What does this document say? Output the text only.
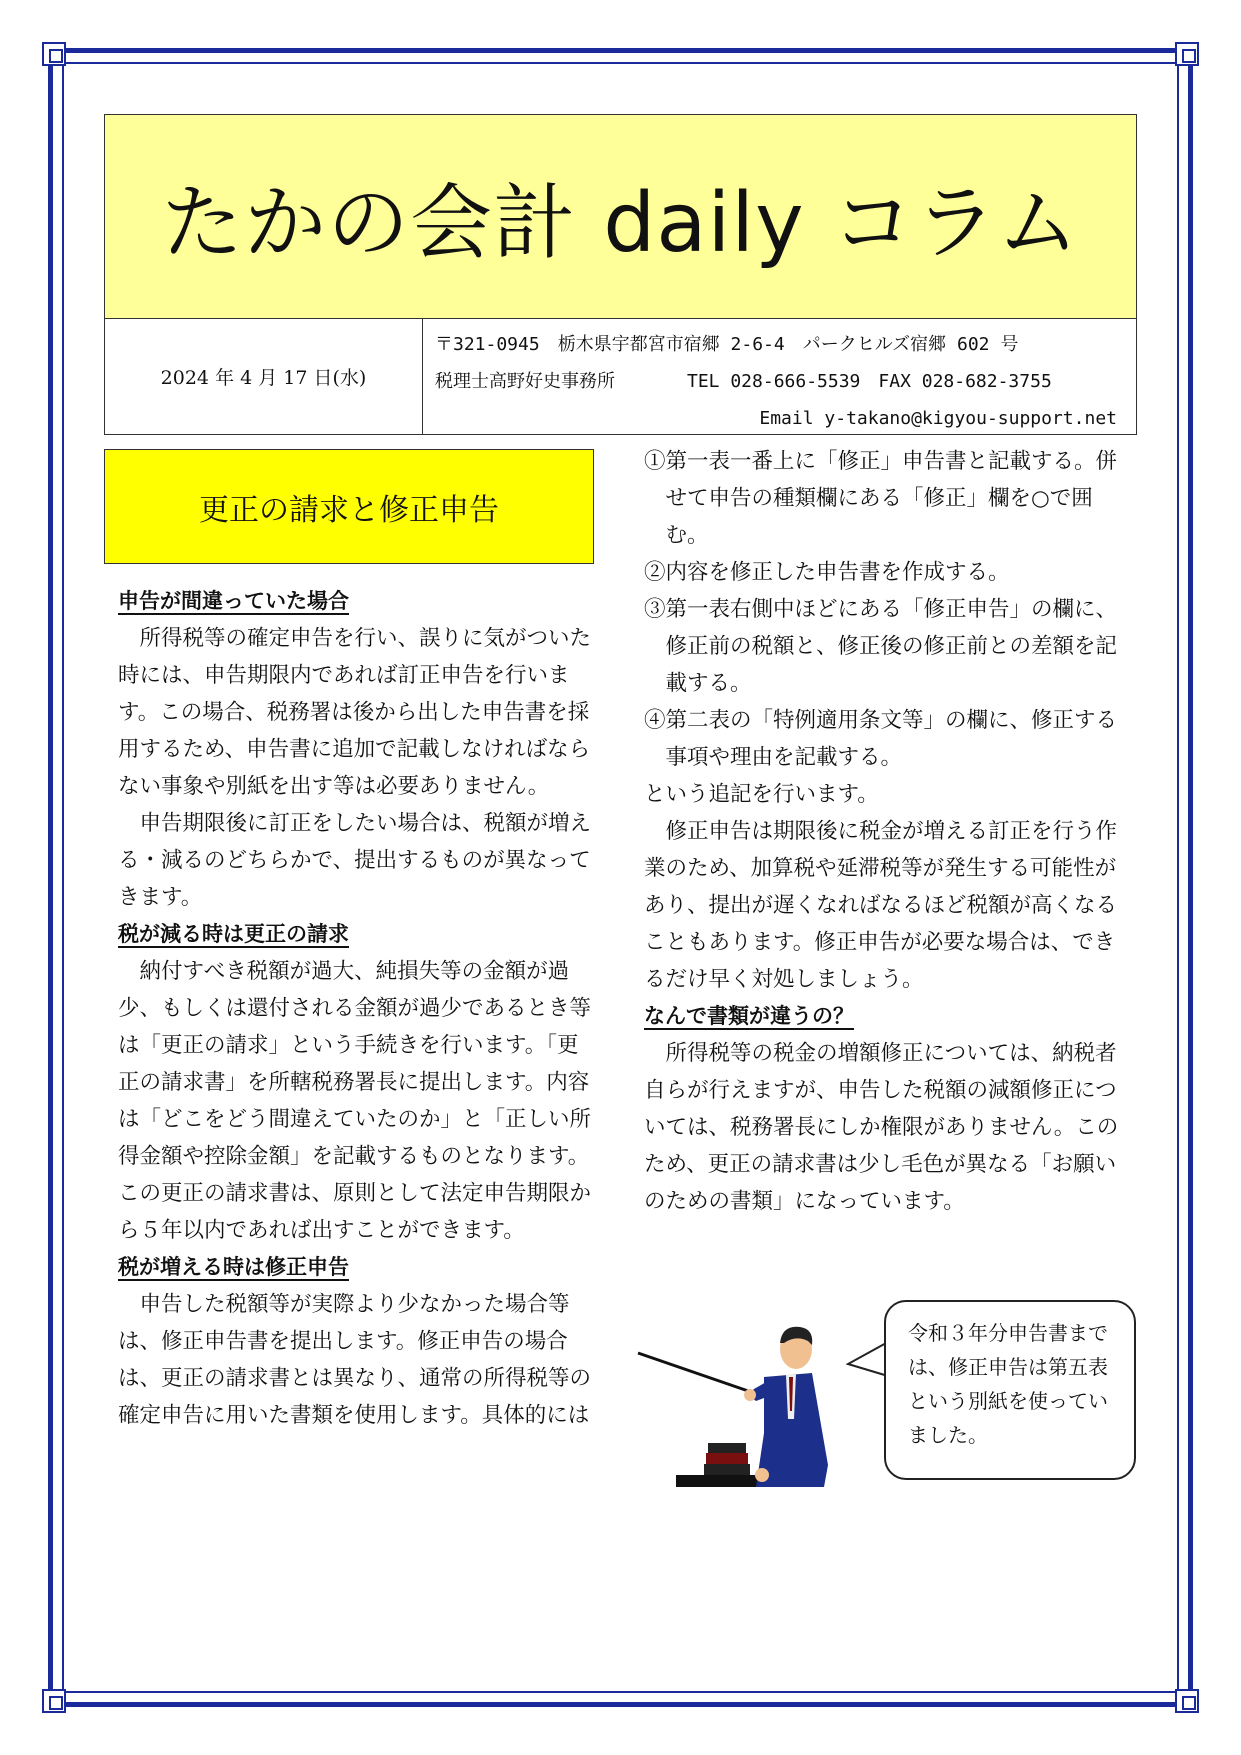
たかの会計 daily コラム
2024 年 4 月 17 日(水)
〒321-0945　栃木県宇都宮市宿郷 2-6-4　パークヒルズ宿郷 602 号
税理士高野好史事務所	TEL 028-666-5539　FAX 028-682-3755
Email y-takano@kigyou-support.net
更正の請求と修正申告

申告が間違っていた場合

所得税等の確定申告を行い、誤りに気がついた時には、申告期限内であれば訂正申告を行います。この場合、税務署は後から出した申告書を採用するため、申告書に追加で記載しなければならない事象や別紙を出す等は必要ありません。

申告期限後に訂正をしたい場合は、税額が増える・減るのどちらかで、提出するものが異なってきます。

税が減る時は更正の請求

納付すべき税額が過大、純損失等の金額が過少、もしくは還付される金額が過少であるとき等は「更正の請求」という手続きを行います。「更正の請求書」を所轄税務署長に提出します。内容は「どこをどう間違えていたのか」と「正しい所得金額や控除金額」を記載するものとなります。この更正の請求書は、原則として法定申告期限から５年以内であれば出すことができます。

税が増える時は修正申告

申告した税額等が実際より少なかった場合等は、修正申告書を提出します。修正申告の場合は、更正の請求書とは異なり、通常の所得税等の確定申告に用いた書類を使用します。具体的には

①第一表一番上に「修正」申告書と記載する。併せて申告の種類欄にある「修正」欄を○で囲む。

②内容を修正した申告書を作成する。

③第一表右側中ほどにある「修正申告」の欄に、修正前の税額と、修正後の修正前との差額を記載する。

④第二表の「特例適用条文等」の欄に、修正する事項や理由を記載する。

という追記を行います。

修正申告は期限後に税金が増える訂正を行う作業のため、加算税や延滞税等が発生する可能性があり、提出が遅くなればなるほど税額が高くなることもあります。修正申告が必要な場合は、できるだけ早く対処しましょう。

なんで書類が違うの？

所得税等の税金の増額修正については、納税者自らが行えますが、申告した税額の減額修正については、税務署長にしか権限がありません。このため、更正の請求書は少し毛色が異なる「お願いのための書類」になっています。

令和３年分申告書までは、修正申告は第五表という別紙を使っていました。
